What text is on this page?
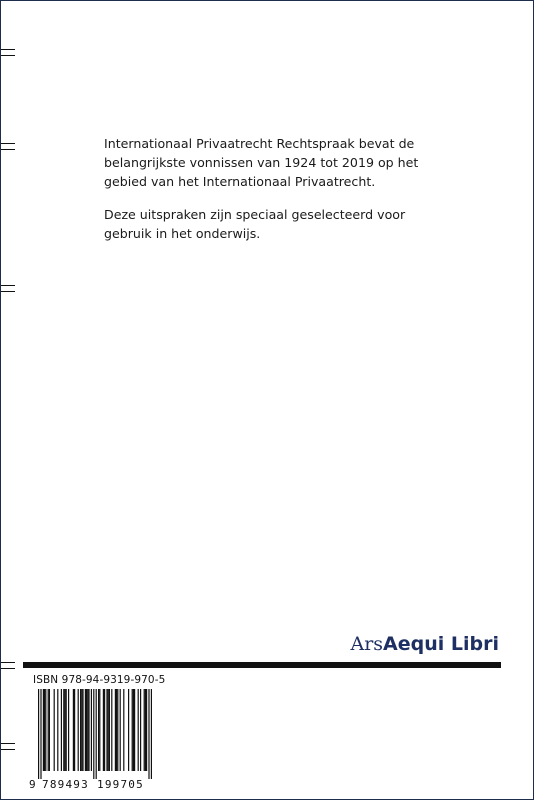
Internationaal Privaatrecht Rechtspraak bevat de belangrijkste vonnissen van 1924 tot 2019 op het gebied van het Internationaal Privaatrecht.

Deze uitspraken zijn speciaal geselecteerd voor gebruik in het onderwijs.

ArsAequi Libri
ISBN 978-94-9319-970-5
9 789493 199705
